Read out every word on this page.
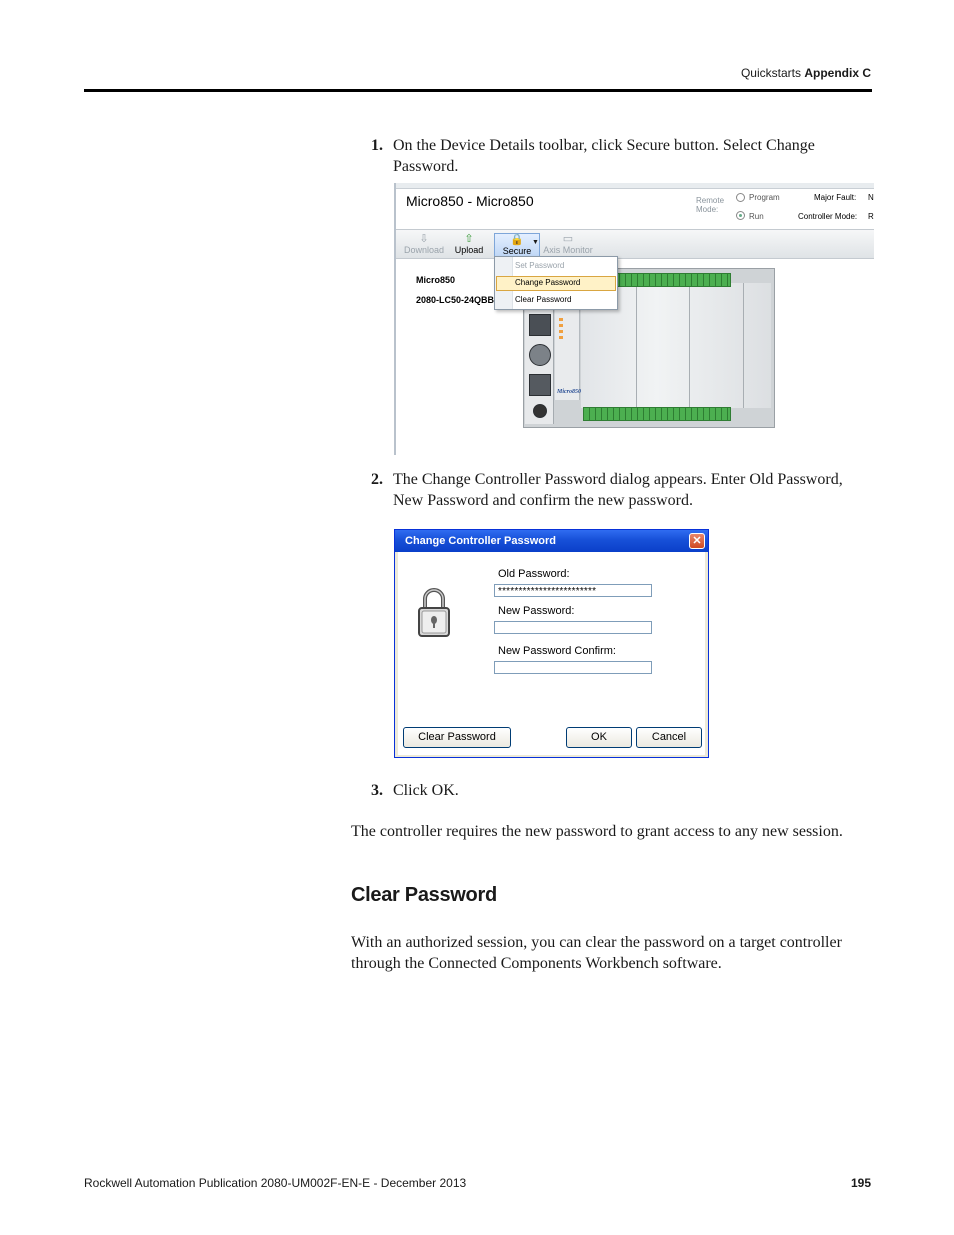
Quickstarts Appendix C
1. On the Device Details toolbar, click Secure button. Select Change Password.
Micro850 - Micro850	Remote Mode:
Program
Run
Major Fault: N
Controller Mode: R
⇩
Download
⇧
Upload
🔒
Secure
▼	▭
Axis Monitor
Micro850
2080-LC50-24QBB
Micro850
Set Password
Change Password
Clear Password
2. The Change Controller Password dialog appears. Enter Old Password, New Password and confirm the new password.
Change Controller Password	✕
Old Password:
************************
New Password:
New Password Confirm:
Clear Password	OK	Cancel
3. Click OK.
The controller requires the new password to grant access to any new session.
Clear Password
With an authorized session, you can clear the password on a target controller through the Connected Components Workbench software.
Rockwell Automation Publication 2080-UM002F-EN-E - December 2013	195
